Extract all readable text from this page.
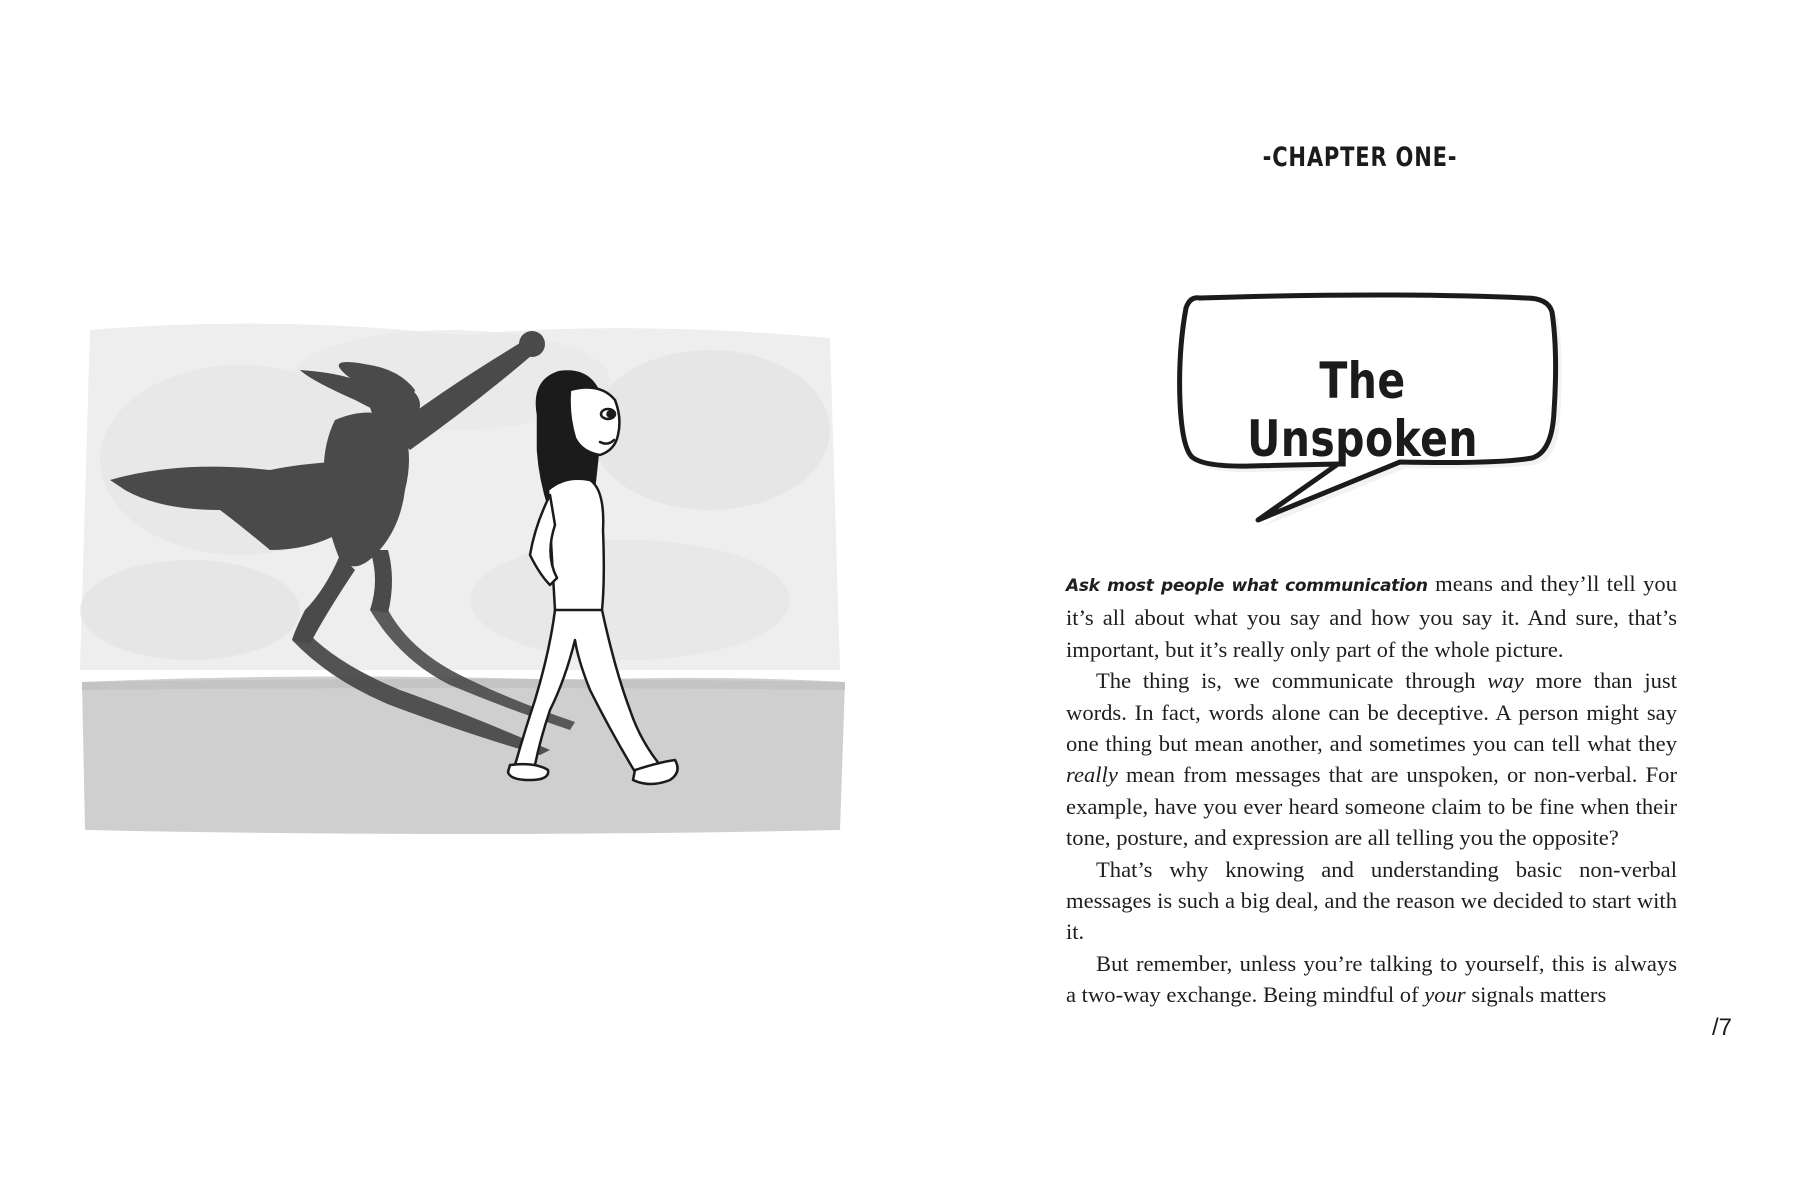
-CHAPTER ONE-
The Unspoken

Ask most people what communication means and they’ll tell you it’s all about what you say and how you say it. And sure, that’s important, but it’s really only part of the whole picture.

The thing is, we communicate through way more than just words. In fact, words alone can be deceptive. A person might say one thing but mean another, and sometimes you can tell what they really mean from messages that are unspoken, or non-verbal. For example, have you ever heard someone claim to be fine when their tone, posture, and expression are all telling you the opposite?

That’s why knowing and understanding basic non-verbal messages is such a big deal, and the reason we decided to start with it.

But remember, unless you’re talking to yourself, this is always a two-way exchange. Being mindful of your signals matters

/7
